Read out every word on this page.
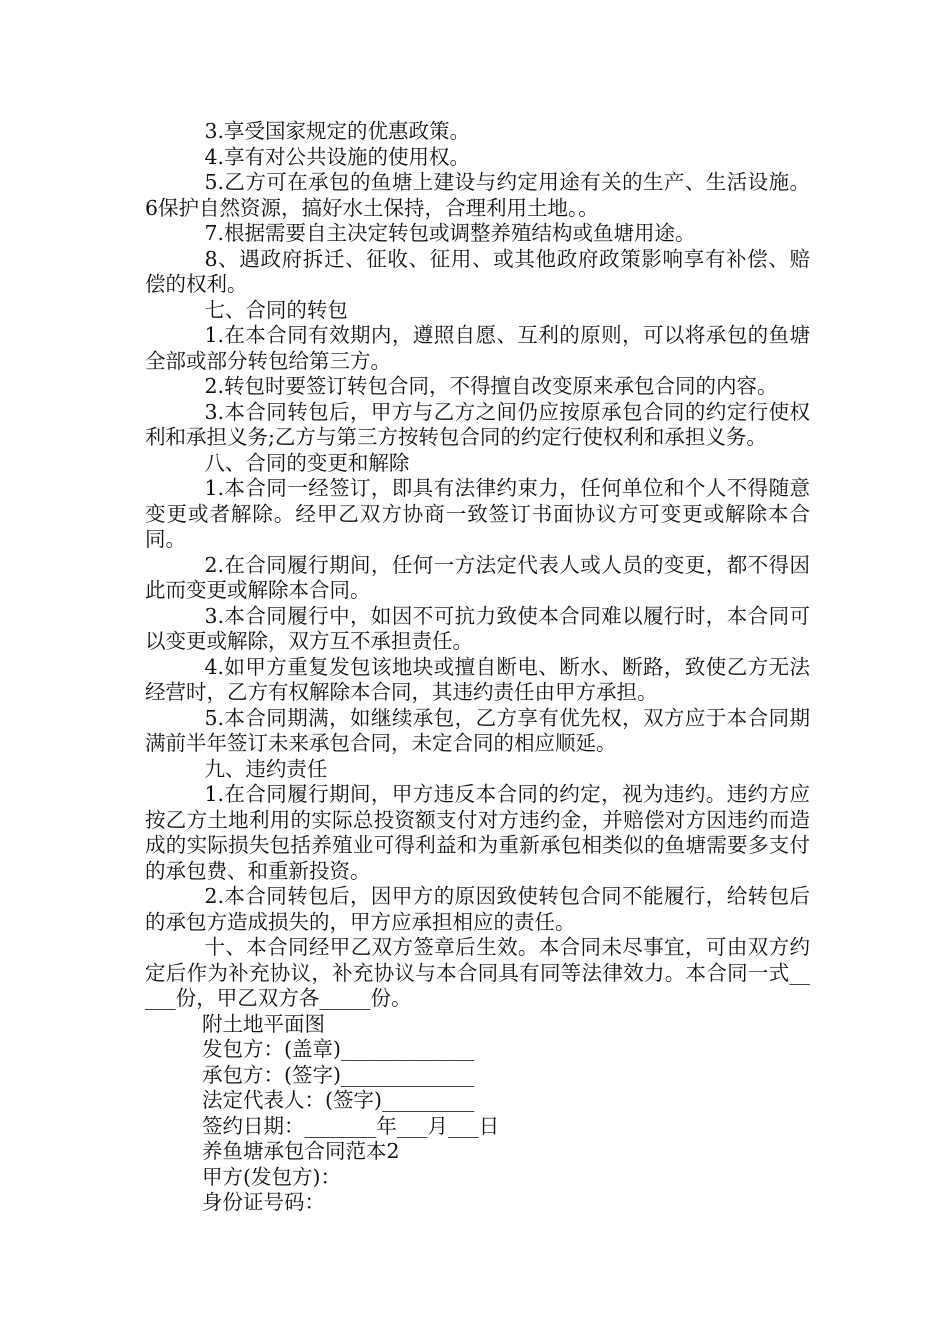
3.享受国家规定的优惠政策。

4.享有对公共设施的使用权。

5.乙方可在承包的鱼塘上建设与约定用途有关的生产、生活设施。 6保护自然资源，搞好水土保持，合理利用土地。。

7.根据需要自主决定转包或调整养殖结构或鱼塘用途。

8、遇政府拆迁、征收、征用、或其他政府政策影响享有补偿、赔偿的权利。

七、合同的转包

1.在本合同有效期内，遵照自愿、互利的原则，可以将承包的鱼塘全部或部分转包给第三方。

2.转包时要签订转包合同，不得擅自改变原来承包合同的内容。

3.本合同转包后，甲方与乙方之间仍应按原承包合同的约定行使权利和承担义务;乙方与第三方按转包合同的约定行使权利和承担义务。

八、合同的变更和解除

1.本合同一经签订，即具有法律约束力，任何单位和个人不得随意变更或者解除。经甲乙双方协商一致签订书面协议方可变更或解除本合同。

2.在合同履行期间，任何一方法定代表人或人员的变更，都不得因此而变更或解除本合同。

3.本合同履行中，如因不可抗力致使本合同难以履行时，本合同可以变更或解除，双方互不承担责任。

4.如甲方重复发包该地块或擅自断电、断水、断路，致使乙方无法经营时，乙方有权解除本合同，其违约责任由甲方承担。

5.本合同期满，如继续承包，乙方享有优先权，双方应于本合同期满前半年签订未来承包合同，未定合同的相应顺延。

九、违约责任

1.在合同履行期间，甲方违反本合同的约定，视为违约。违约方应按乙方土地利用的实际总投资额支付对方违约金，并赔偿对方因违约而造成的实际损失包括养殖业可得利益和为重新承包相类似的鱼塘需要多支付的承包费、和重新投资。

2.本合同转包后，因甲方的原因致使转包合同不能履行，给转包后的承包方造成损失的，甲方应承担相应的责任。

十、本合同经甲乙双方签章后生效。本合同未尽事宜，可由双方约定后作为补充协议，补充协议与本合同具有同等法律效力。本合同一式_____份，甲乙双方各_____份。

附土地平面图
发包方：(盖章)_____________
承包方：(签字)_____________
法定代表人：(签字)_________
签约日期：_______年___月___日
养鱼塘承包合同范本2
甲方(发包方)：
身份证号码：
